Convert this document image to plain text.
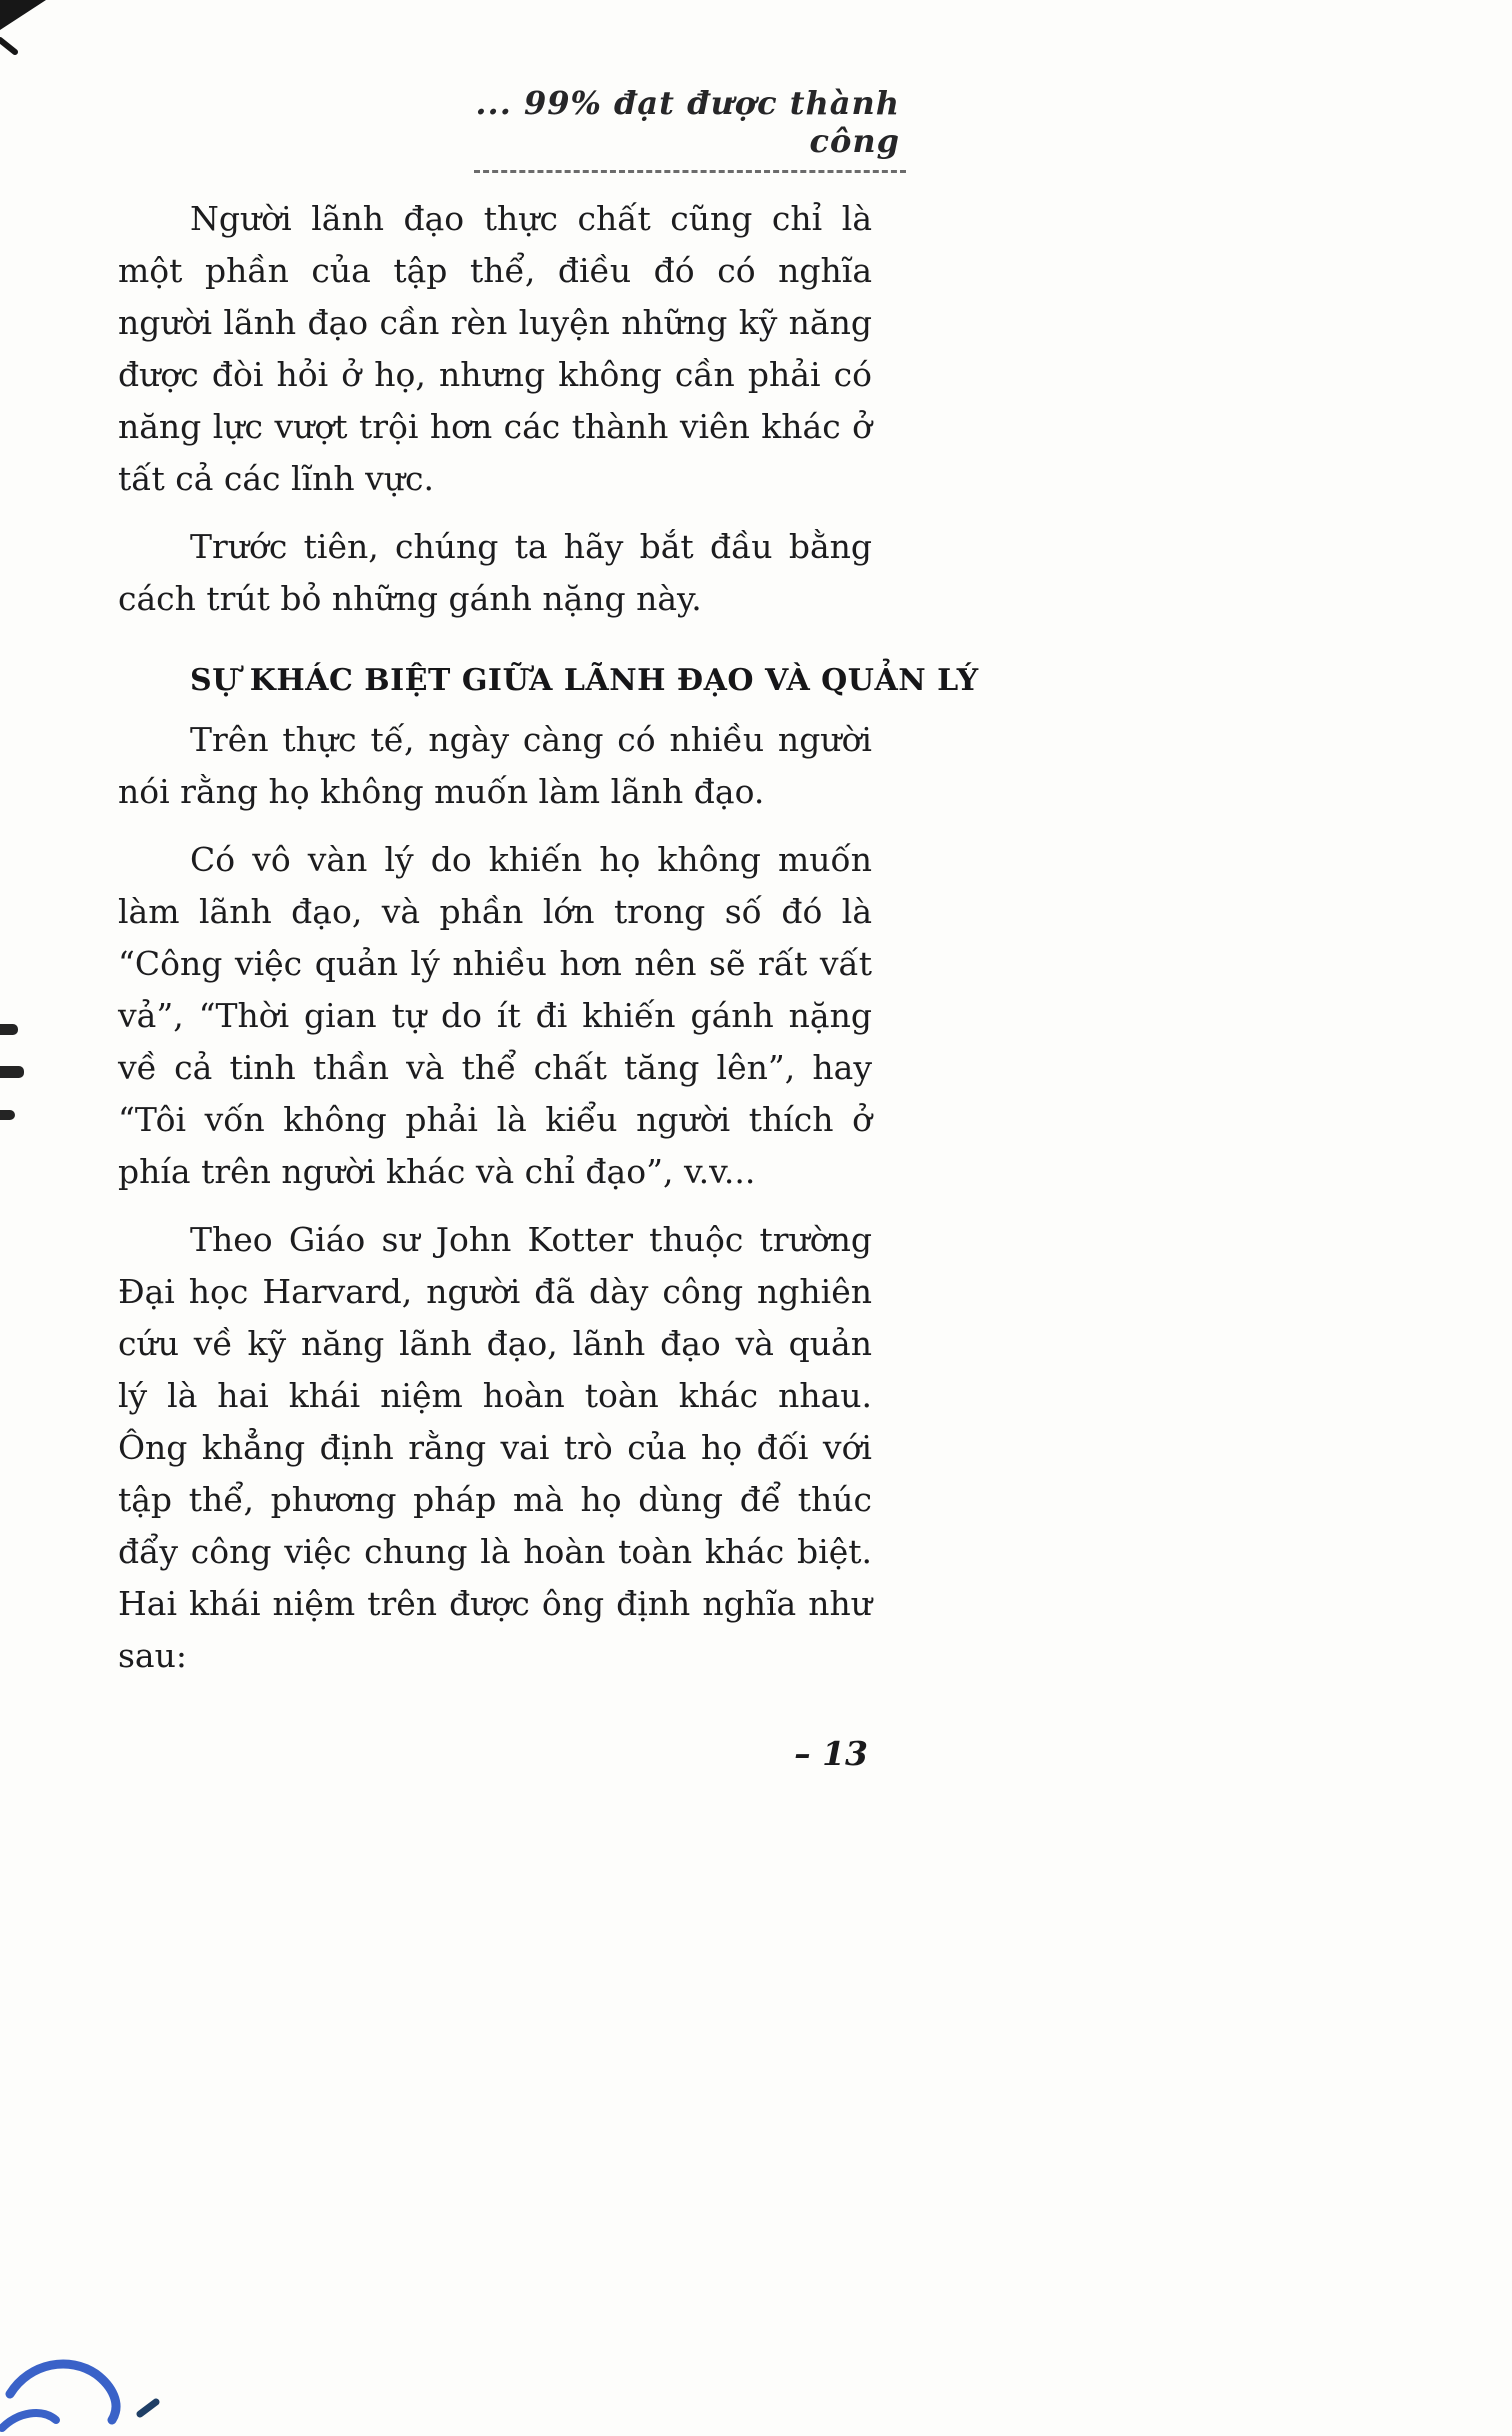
... 99% đạt được thành công

Người lãnh đạo thực chất cũng chỉ là một phần của tập thể, điều đó có nghĩa người lãnh đạo cần rèn luyện những kỹ năng được đòi hỏi ở họ, nhưng không cần phải có năng lực vượt trội hơn các thành viên khác ở tất cả các lĩnh vực.

Trước tiên, chúng ta hãy bắt đầu bằng cách trút bỏ những gánh nặng này.

SỰ KHÁC BIỆT GIỮA LÃNH ĐẠO VÀ QUẢN LÝ

Trên thực tế, ngày càng có nhiều người nói rằng họ không muốn làm lãnh đạo.

Có vô vàn lý do khiến họ không muốn làm lãnh đạo, và phần lớn trong số đó là “Công việc quản lý nhiều hơn nên sẽ rất vất vả”, “Thời gian tự do ít đi khiến gánh nặng về cả tinh thần và thể chất tăng lên”, hay “Tôi vốn không phải là kiểu người thích ở phía trên người khác và chỉ đạo”, v.v...

Theo Giáo sư John Kotter thuộc trường Đại học Harvard, người đã dày công nghiên cứu về kỹ năng lãnh đạo, lãnh đạo và quản lý là hai khái niệm hoàn toàn khác nhau. Ông khẳng định rằng vai trò của họ đối với tập thể, phương pháp mà họ dùng để thúc đẩy công việc chung là hoàn toàn khác biệt. Hai khái niệm trên được ông định nghĩa như sau:

– 13
